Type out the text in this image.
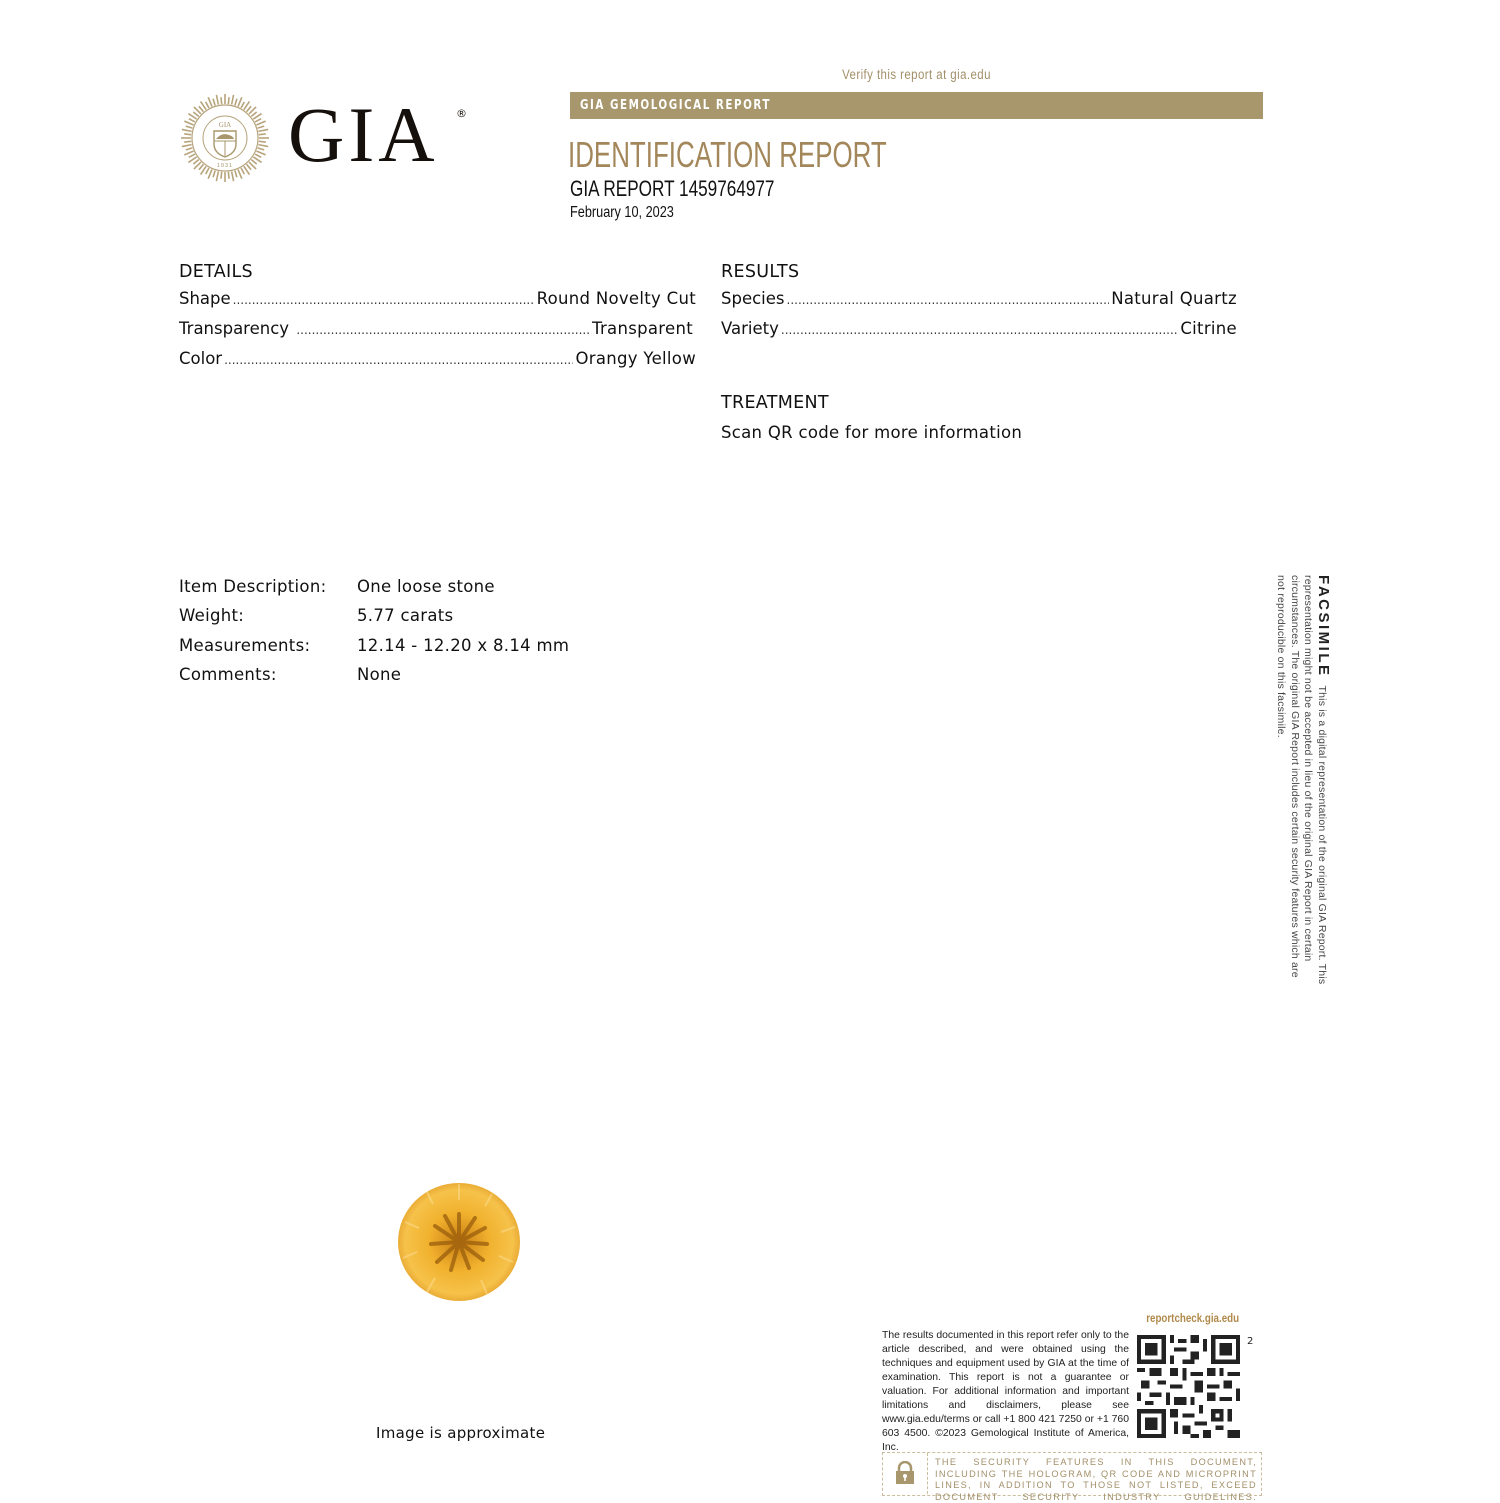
GIA
1931 GIA ®
Verify this report at gia.edu
GIA GEMOLOGICAL REPORT
IDENTIFICATION REPORT
GIA REPORT 1459764977
February 10, 2023
DETAILS
Shape .....	Round Novelty Cut
Transparency .....	Transparent
Color .....	Orangy Yellow
RESULTS
Species .....	Natural Quartz
Variety .....	Citrine
TREATMENT
Scan QR code for more information
Item Description:	One loose stone
Weight:	5.77 carats
Measurements:	12.14 - 12.20 x 8.14 mm
Comments:	None	FACSIMILEThis is a digital representation of the original GIA Report. This representation might not be accepted in lieu of the original GIA Report in certain circumstances. The original GIA Report includes certain security features which are not reproducible on this facsimile.
Image is approximate
reportcheck.gia.edu
The results documented in this report refer only to the article described, and were obtained using the techniques and equipment used by GIA at the time of examination. This report is not a guarantee or valuation. For additional information and important limitations and disclaimers, please see www.gia.edu/terms or call +1 800 421 7250 or +1 760 603 4500. ©2023 Gemological Institute of America, Inc.
2
THE SECURITY FEATURES IN THIS DOCUMENT, INCLUDING THE HOLOGRAM, QR CODE AND MICROPRINT LINES, IN ADDITION TO THOSE NOT LISTED, EXCEED DOCUMENT SECURITY INDUSTRY GUIDELINES.
